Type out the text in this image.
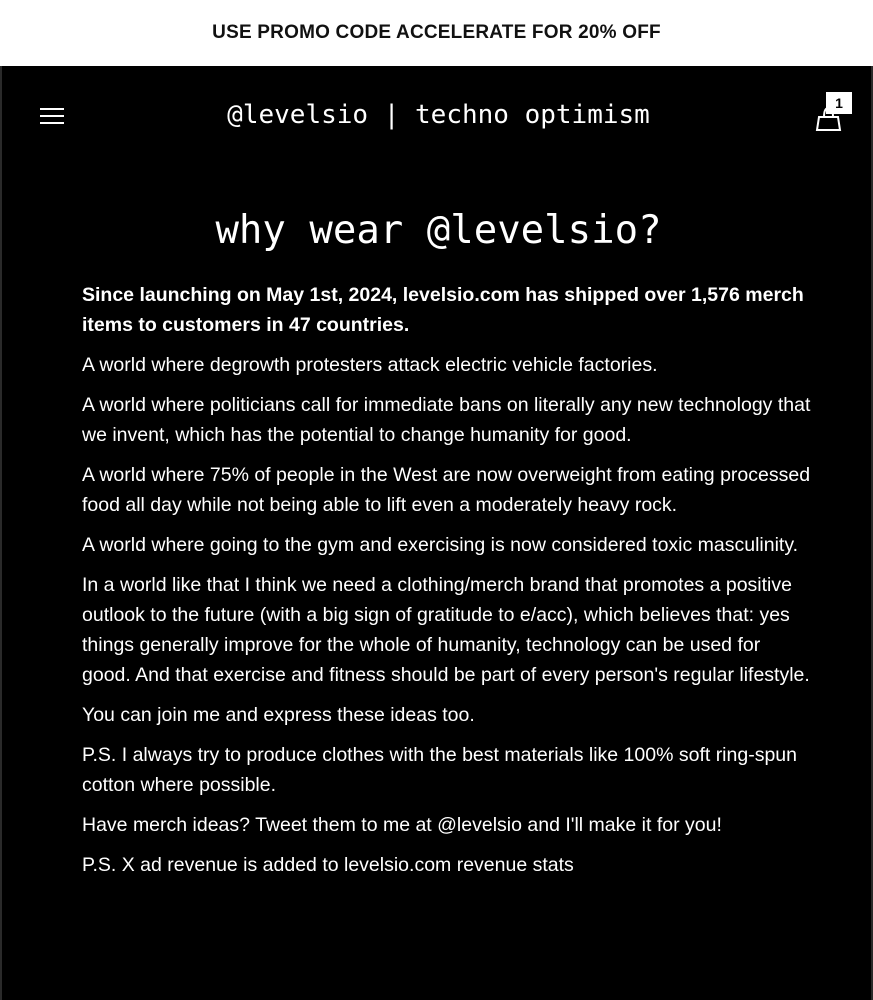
USE PROMO CODE ACCELERATE FOR 20% OFF
@levelsio | techno optimism	1
why wear @levelsio?

Since launching on May 1st, 2024, levelsio.com has shipped over 1,576 merch items to customers in 47 countries.

A world where degrowth protesters attack electric vehicle factories.

A world where politicians call for immediate bans on literally any new technology that we invent, which has the potential to change humanity for good.

A world where 75% of people in the West are now overweight from eating processed food all day while not being able to lift even a moderately heavy rock.

A world where going to the gym and exercising is now considered toxic masculinity.

In a world like that I think we need a clothing/merch brand that promotes a positive outlook to the future (with a big sign of gratitude to e/acc), which believes that: yes things generally improve for the whole of humanity, technology can be used for good. And that exercise and fitness should be part of every person's regular lifestyle.

You can join me and express these ideas too.

P.S. I always try to produce clothes with the best materials like 100% soft ring-spun cotton where possible.

Have merch ideas? Tweet them to me at @levelsio and I'll make it for you!

P.S. X ad revenue is added to levelsio.com revenue stats
